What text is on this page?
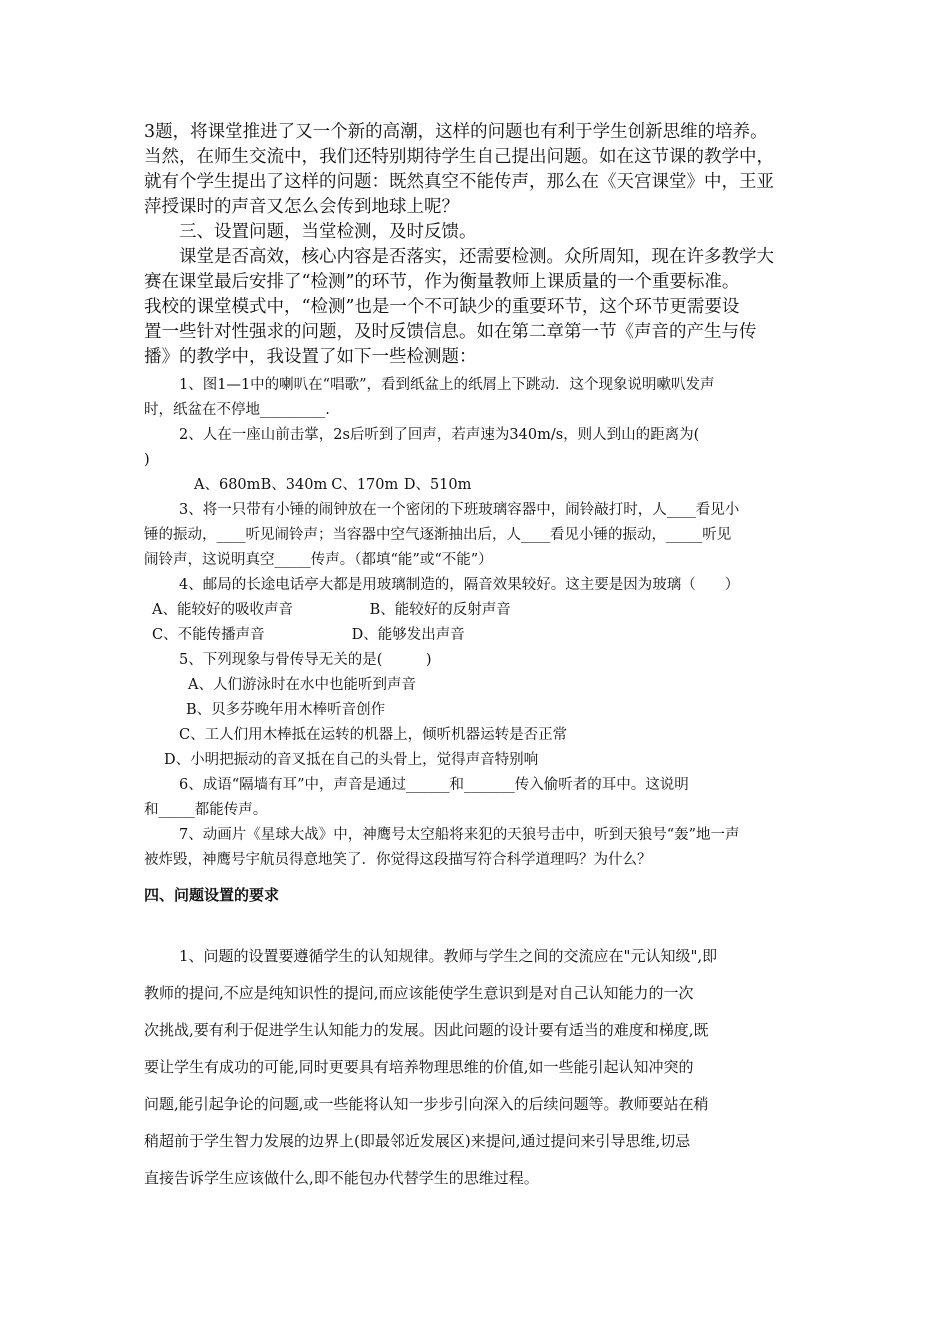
3题，将课堂推进了又一个新的高潮，这样的问题也有利于学生创新思维的培养。
当然，在师生交流中，我们还特别期待学生自己提出问题。如在这节课的教学中，
就有个学生提出了这样的问题：既然真空不能传声，那么在《天宫课堂》中，王亚
萍授课时的声音又怎么会传到地球上呢？
三、设置问题，当堂检测，及时反馈。
课堂是否高效，核心内容是否落实，还需要检测。众所周知，现在许多教学大
赛在课堂最后安排了“检测”的环节，作为衡量教师上课质量的一个重要标准。
我校的课堂模式中，“检测”也是一个不可缺少的重要环节，这个环节更需要设
置一些针对性强求的问题，及时反馈信息。如在第二章第一节《声音的产生与传
播》的教学中，我设置了如下一些检测题：
1、图1—1中的喇叭在“唱歌”，看到纸盆上的纸屑上下跳动．这个现象说明嗽叭发声
时，纸盆在不停地_________.
2、人在一座山前击掌，2s后听到了回声，若声速为340m/s，则人到山的距离为(
)
A、680m B、340m C、170m D、510m
3、将一只带有小锤的闹钟放在一个密闭的下班玻璃容器中，闹铃敲打时，人____看见小
锤的振动，____听见闹铃声；当容器中空气逐渐抽出后，人____看见小锤的振动，_____听见
闹铃声，这说明真空_____传声。（都填“能”或“不能”）
4、邮局的长途电话亭大都是用玻璃制造的，隔音效果较好。这主要是因为玻璃（　　）
A、能较好的吸收声音	B、能较好的反射声音
C、不能传播声音	D、能够发出声音
5、下列现象与骨传导无关的是(　　　)
A、人们游泳时在水中也能听到声音
B、贝多芬晚年用木棒听音创作
C、工人们用木棒抵在运转的机器上，倾听机器运转是否正常
D、小明把振动的音叉抵在自己的头骨上，觉得声音特别响
6、成语“隔墙有耳”中，声音是通过______和_______传入偷听者的耳中。这说明
和_____都能传声。
7、动画片《星球大战》中，神鹰号太空船将来犯的天狼号击中，听到天狼号“轰”地一声
被炸毁，神鹰号宇航员得意地笑了．你觉得这段描写符合科学道理吗？为什么？
四、问题设置的要求
1、问题的设置要遵循学生的认知规律。教师与学生之间的交流应在"元认知级",即
教师的提问,不应是纯知识性的提问,而应该能使学生意识到是对自己认知能力的一次
次挑战,要有利于促进学生认知能力的发展。因此问题的设计要有适当的难度和梯度,既
要让学生有成功的可能,同时更要具有培养物理思维的价值,如一些能引起认知冲突的
问题,能引起争论的问题,或一些能将认知一步步引向深入的后续问题等。教师要站在稍
稍超前于学生智力发展的边界上(即最邻近发展区)来提问,通过提问来引导思维,切忌
直接告诉学生应该做什么,即不能包办代替学生的思维过程。
